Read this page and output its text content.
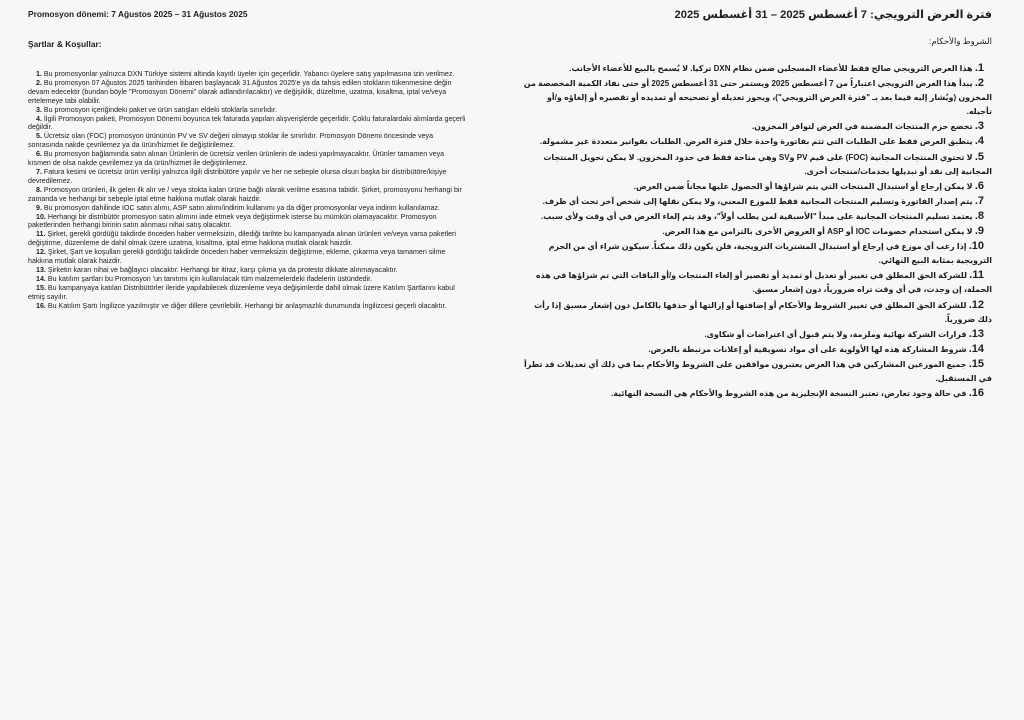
Promosyon dönemi: 7 Ağustos 2025 – 31 Ağustos 2025

Şartlar & Koşullar:

1. Bu promosyonlar yalnızca DXN Türkiye sistemi altında kayıtlı üyeler için geçerlidir. Yabancı üyelere satış yapılmasına izin verilmez.
2. Bu promosyon 07 Ağustos 2025 tarihinden itibaren başlayacak 31 Ağustos 2025'e ya da tahsis edilen stokların tükenmesine değin devam edecektir (bundan böyle "Promosyon Dönemi" olarak adlandırılacaktır) ve değişiklik, düzeltme, uzatma, kısaltma, iptal ve/veya ertelemeye tabi olabilir.
3. Bu promosyon içeriğindeki paket ve ürün satışları eldeki stoklarla sınırlıdır.
4. İlgili Promosyon paketi, Promosyon Dönemi boyunca tek faturada yapılan alışverişlerde geçerlidir. Çoklu faturalardaki alımlarda geçerli değildir.
5. Ücretsiz olan (FOC) promosyon ürününün PV ve SV değeri olmayıp stoklar ile sınırlıdır. Promosyon Dönemi öncesinde veya sonrasında nakde çevrilemez ya da ürün/hizmet ile değiştirilemez.
6. Bu promosyon bağlamında satın alınan Ürünlerin de ücretsiz verilen ürünlerin de iadesi yapılmayacaktır. Ürünler tamamen veya kısmen de olsa nakde çevrilemez ya da ürün/hizmet ile değiştirilemez.
7. Fatura kesimi ve ücretsiz ürün verilişi yalnızca ilgili distribütöre yapılır ve her ne sebeple olursa olsun başka bir distribütöre/kişiye devredilemez.
8. Promosyon ürünleri, ilk gelen ilk alır ve / veya stokta kalan ürüne bağlı olarak verilme esasına tabidir. Şirket, promosyonu herhangi bir zamanda ve herhangi bir sebeple iptal etme hakkına mutlak olarak haizdir.
9. Bu promosyon dahilinde IOC satın alımı, ASP satın alımı/indirim kullanımı ya da diğer promosyonlar veya indirim kullanılamaz.
10. Herhangi bir distribütör promosyon satın alımını iade etmek veya değiştirmek isterse bu mümkün olamayacaktır. Promosyon paketlerinden herhangi birinin satın alınması nihai satış olacaktır.
11. Şirket, gerekli gördüğü takdirde önceden haber vermeksizin, dilediği tarihte bu kampanyada alınan ürünleri ve/veya varsa paketleri değiştirme, düzenleme de dahil olmak üzere uzatma, kısaltma, iptal etme hakkına mutlak olarak haizdir.
12. Şirket, Şart ve koşulları gerekli gördüğü takdirde önceden haber vermeksizin değiştirme, ekleme, çıkarma veya tamamen silme hakkına mutlak olarak haizdir.
13. Şirketin kararı nihai ve bağlayıcı olacaktır. Herhangi bir itiraz, karşı çıkma ya da protesto dikkate alınmayacaktır.
14. Bu katılım şartları bu Promosyon 'un tanıtımı için kullanılacak tüm malzemelerdeki ifadelerin üstündedir.
15. Bu kampanyaya katılan Distribütörler ileride yapılabilecek düzenleme veya değişimlerde dahil olmak üzere Katılım Şartlarını kabul etmiş sayılır.
16. Bu Katılım Şartı İngilizce yazılmıştır ve diğer dillere çevrilebilir. Herhangi bir anlaşmazlık durumunda İngilizcesi geçerli olacaktır.

فترة العرض الترويجي: 7 أغسطس 2025 – 31 أغسطس 2025

الشروط والأحكام:

1. هذا العرض الترويجي صالح فقط للأعضاء المسجلين ضمن نظام DXN تركيا. لا يُسمح بالبيع للأعضاء الأجانب.
2. يبدأ هذا العرض الترويجي اعتباراً من 7 أغسطس 2025 ويستمر حتى 31 أغسطس 2025 أو حتى نفاد الكمية المخصصة من المخزون (ويُشار إليه فيما بعد بـ "فترة العرض الترويجي")، ويجوز تعديله أو تصحيحه أو تمديده أو تقصيره أو إلغاؤه و/أو تأجيله.
3. تخضع حزم المنتجات المضمنة في العرض لتوافر المخزون.
4. ينطبق العرض فقط على الطلبات التي تتم بفاتورة واحدة خلال فترة العرض. الطلبات بفواتير متعددة غير مشمولة.
5. لا تحتوي المنتجات المجانية (FOC) على قيم PV وSV وهي متاحة فقط في حدود المخزون. لا يمكن تحويل المنتجات المجانية إلى نقد أو تبديلها بخدمات/منتجات أخرى.
6. لا يمكن إرجاع أو استبدال المنتجات التي يتم شراؤها أو الحصول عليها مجاناً ضمن العرض.
7. يتم إصدار الفاتورة وتسليم المنتجات المجانية فقط للموزع المعني، ولا يمكن نقلها إلى شخص آخر تحت أي ظرف.
8. يعتمد تسليم المنتجات المجانية على مبدأ "الأسبقية لمن يطلب أولاً"، وقد يتم إلغاء العرض في أي وقت ولأي سبب.
9. لا يمكن استخدام خصومات IOC أو ASP أو العروض الأخرى بالتزامن مع هذا العرض.
10. إذا رغب أي موزع في إرجاع أو استبدال المشتريات الترويجية، فلن يكون ذلك ممكناً. سيكون شراء أي من الحزم الترويجية بمثابة البيع النهائي.
11. للشركة الحق المطلق في تغيير أو تعديل أو تمديد أو تقصير أو إلغاء المنتجات و/أو الباقات التي تم شراؤها في هذه الحملة، إن وجدت، في أي وقت تراه ضرورياً، دون إشعار مسبق.
12. للشركة الحق المطلق في تغيير الشروط والأحكام أو إضافتها أو إزالتها أو حذفها بالكامل دون إشعار مسبق إذا رأت ذلك ضرورياً.
13. قرارات الشركة نهائية وملزمة، ولا يتم قبول أي اعتراضات أو شكاوى.
14. شروط المشاركة هذه لها الأولوية على أي مواد تسويقية أو إعلانات مرتبطة بالعرض.
15. جميع الموزعين المشاركين في هذا العرض يعتبرون موافقين على الشروط والأحكام بما في ذلك أي تعديلات قد تطرأ في المستقبل.
16. في حالة وجود تعارض، تعتبر النسخة الإنجليزية من هذه الشروط والأحكام هي النسخة النهائية.
